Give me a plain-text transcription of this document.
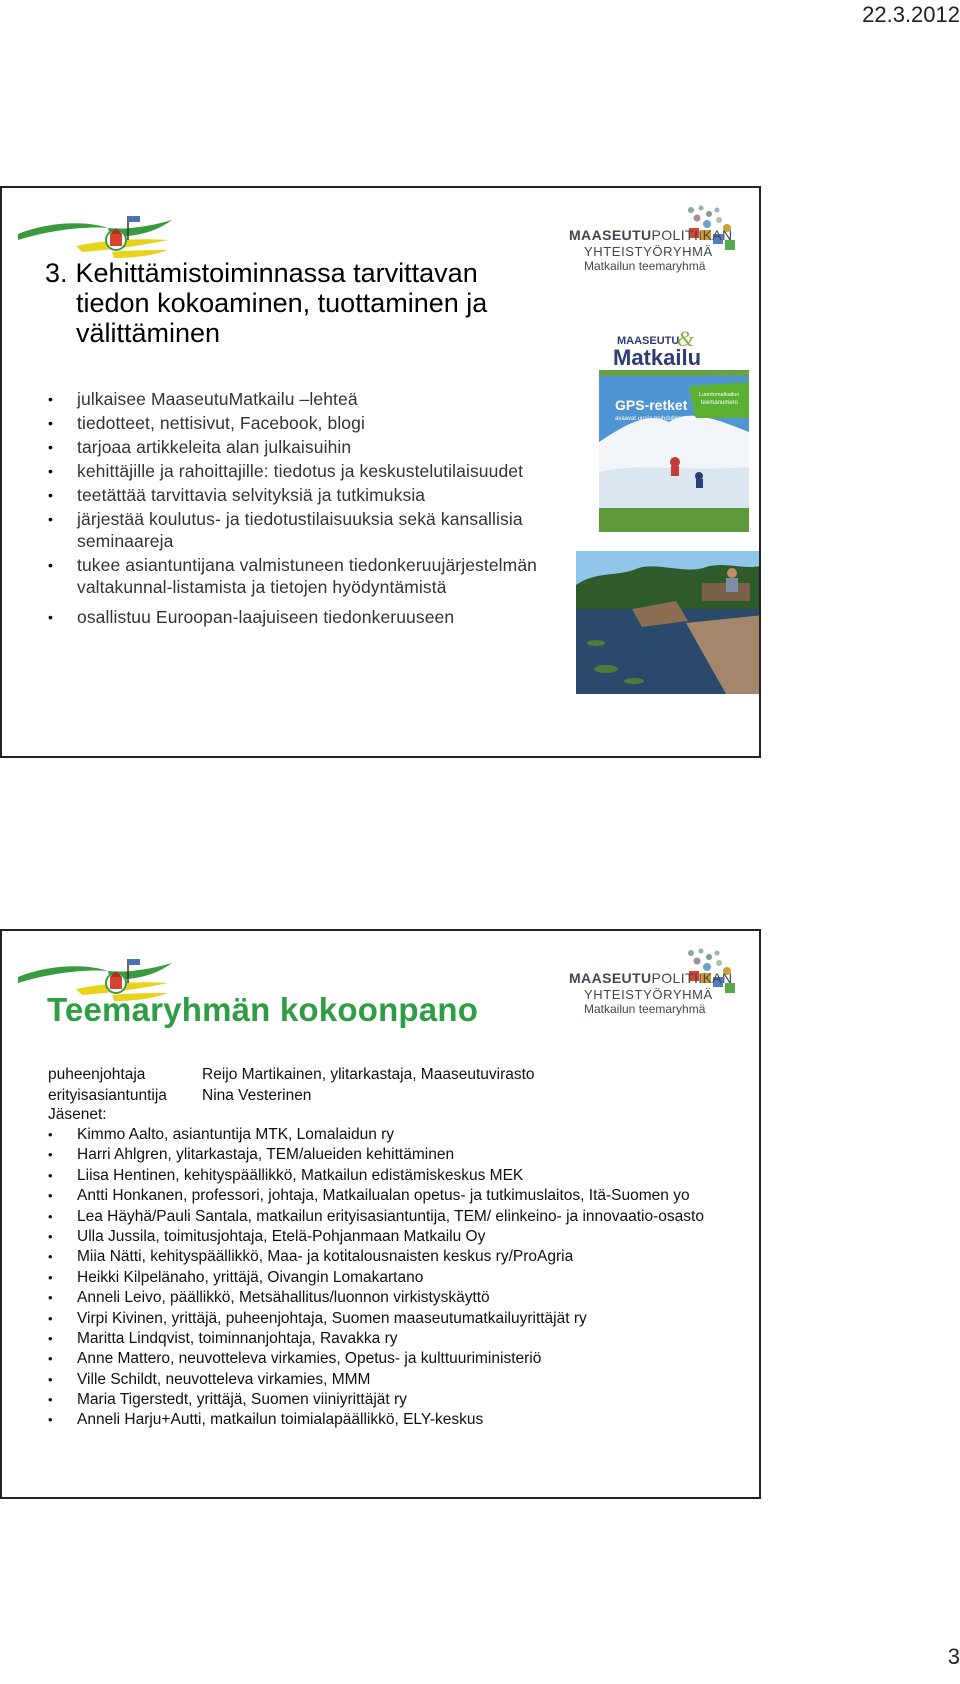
22.3.2012
MAASEUTUPOLITIIKAN
YHTEISTYÖRYHMÄ
Matkailun teemaryhmä
3. Kehittämistoiminnassa tarvittavan
tiedon kokoaminen, tuottaminen ja
välittäminen
• julkaisee MaaseutuMatkailu –lehteä
• tiedotteet, nettisivut, Facebook, blogi
• tarjoaa artikkeleita alan julkaisuihin
• kehittäjille ja rahoittajille: tiedotus ja keskustelutilaisuudet
• teetättää tarvittavia selvityksiä ja tutkimuksia
• järjestää koulutus- ja tiedotustilaisuuksia sekä kansallisia seminaareja
• tukee asiantuntijana valmistuneen tiedonkeruujärjestelmän valtakunnal-listamista ja tietojen hyödyntämistä
• osallistuu Euroopan-laajuiseen tiedonkeruuseen
MAASEUTU
&
Matkailu
GPS-retket
avaavat uusia mahdollisuuksia
Luontomatkailun
teemanumero
MAASEUTUPOLITIIKAN
YHTEISTYÖRYHMÄ
Matkailun teemaryhmä
Teemaryhmän kokoonpano
puheenjohtaja	Reijo Martikainen, ylitarkastaja, Maaseutuvirasto
erityisasiantuntija	Nina Vesterinen
Jäsenet:
• Kimmo Aalto, asiantuntija MTK, Lomalaidun ry
• Harri Ahlgren, ylitarkastaja, TEM/alueiden kehittäminen
• Liisa Hentinen, kehityspäällikkö, Matkailun edistämiskeskus MEK
• Antti Honkanen, professori, johtaja, Matkailualan opetus- ja tutkimuslaitos, Itä-Suomen yo
• Lea Häyhä/Pauli Santala, matkailun erityisasiantuntija, TEM/ elinkeino- ja innovaatio-osasto
• Ulla Jussila, toimitusjohtaja, Etelä-Pohjanmaan Matkailu Oy
• Miia Nätti, kehityspäällikkö, Maa- ja kotitalousnaisten keskus ry/ProAgria
• Heikki Kilpelänaho, yrittäjä, Oivangin Lomakartano
• Anneli Leivo, päällikkö, Metsähallitus/luonnon virkistyskäyttö
• Virpi Kivinen, yrittäjä, puheenjohtaja, Suomen maaseutumatkailuyrittäjät ry
• Maritta Lindqvist, toiminnanjohtaja, Ravakka ry
• Anne Mattero, neuvotteleva virkamies, Opetus- ja kulttuuriministeriö
• Ville Schildt, neuvotteleva virkamies, MMM
• Maria Tigerstedt, yrittäjä, Suomen viiniyrittäjät ry
• Anneli Harju+Autti, matkailun toimialapäällikkö, ELY-keskus
3
